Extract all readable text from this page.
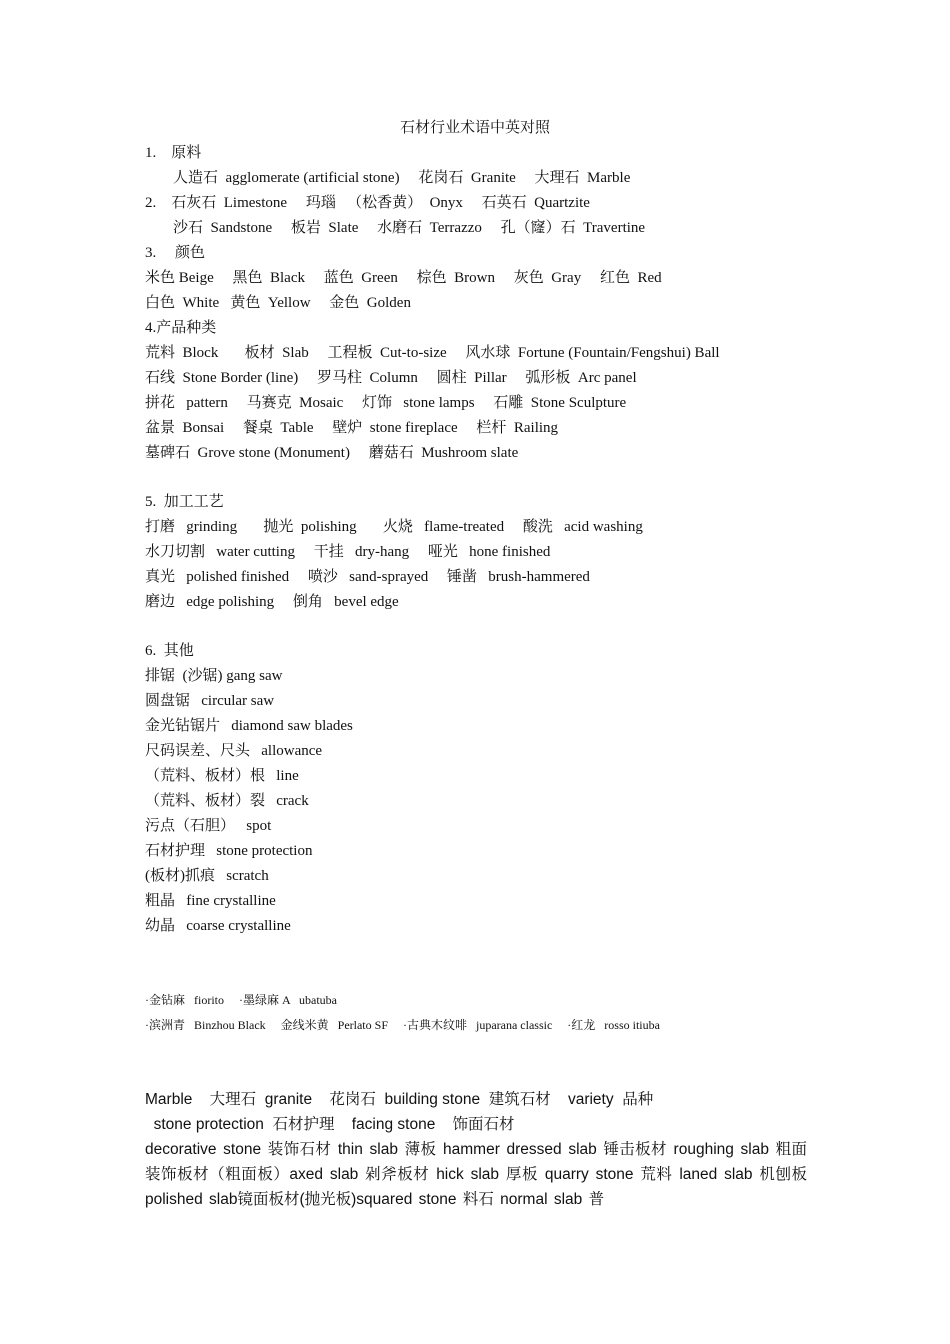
石材行业术语中英对照
1.    原料
人造石  agglomerate (artificial stone)     花岗石  Granite     大理石  Marble
2.    石灰石  Limestone     玛瑙   （松香黄）  Onyx     石英石  Quartzite
沙石  Sandstone     板岩  Slate     水磨石  Terrazzo     孔（窿）石  Travertine
3.     颜色
米色 Beige     黑色  Black     蓝色  Green     棕色  Brown     灰色  Gray     红色  Red
白色  White   黄色  Yellow     金色  Golden
4.产品种类
荒料  Block       板材  Slab     工程板  Cut-to-size     风水球  Fortune (Fountain/Fengshui) Ball
石线  Stone Border (line)     罗马柱  Column     圆柱  Pillar     弧形板  Arc panel
拼花   pattern     马赛克  Mosaic     灯饰   stone lamps     石雕  Stone Sculpture
盆景  Bonsai     餐桌  Table     壁炉  stone fireplace     栏杆  Railing
墓碑石  Grove stone (Monument)     蘑菇石  Mushroom slate
5.  加工工艺
打磨   grinding       抛光  polishing       火烧   flame-treated     酸洗   acid washing
水刀切割   water cutting     干挂   dry-hang     哑光   hone finished
真光   polished finished     喷沙   sand-sprayed     锤凿   brush-hammered
磨边   edge polishing     倒角   bevel edge
6.  其他
排锯  (沙锯) gang saw
圆盘锯   circular saw
金光钻锯片   diamond saw blades
尺码误差、尺头   allowance
（荒料、板材）根   line
（荒料、板材）裂   crack
污点（石胆）   spot
石材护理   stone protection
(板材)抓痕   scratch
粗晶   fine crystalline
幼晶   coarse crystalline
·金钻麻   fiorito     ·墨绿麻 A   ubatuba
·滨洲青   Binzhou Black     金线米黄   Perlato SF     ·古典木纹啡   juparana classic     ·红龙   rosso itiuba
Marble    大理石  granite    花岗石  building stone  建筑石材    variety  品种
stone protection  石材护理    facing stone    饰面石材
decorative stone 装饰石材 thin slab 薄板 hammer dressed slab 锤击板材 roughing slab 粗面装饰板材（粗面板）axed slab 剁斧板材 hick slab 厚板 quarry stone 荒料 laned slab 机刨板polished slab镜面板材(抛光板)squared stone 料石 normal slab 普
